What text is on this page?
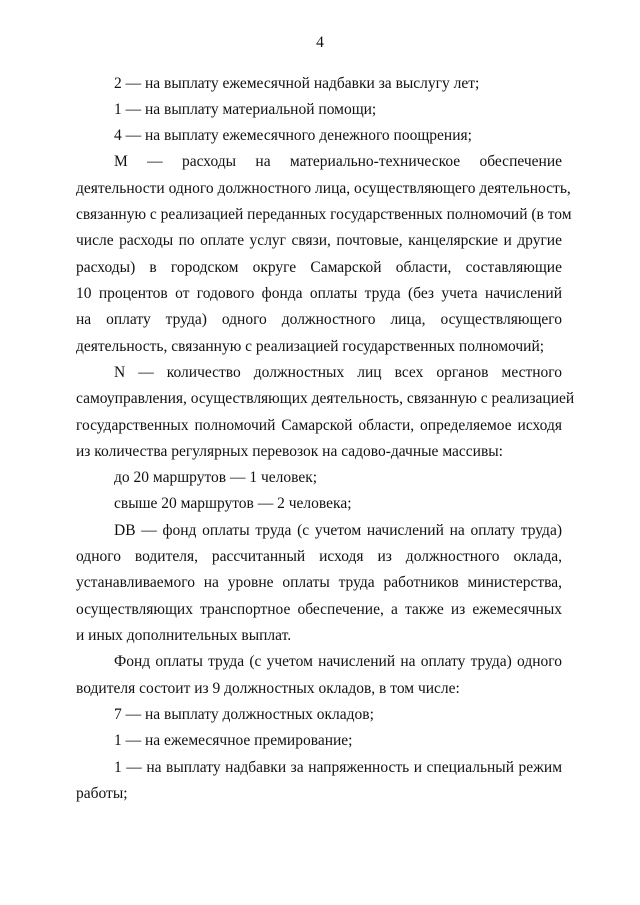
4
2 — на выплату ежемесячной надбавки за выслугу лет;
1 — на выплату материальной помощи;
4 — на выплату ежемесячного денежного поощрения;
М — расходы на материально-техническое обеспечение
деятельности одного должностного лица, осуществляющего деятельность,
связанную с реализацией переданных государственных полномочий (в том
числе расходы по оплате услуг связи, почтовые, канцелярские и другие
расходы) в городском округе Самарской области, составляющие
10 процентов от годового фонда оплаты труда (без учета начислений
на оплату труда) одного должностного лица, осуществляющего
деятельность, связанную с реализацией государственных полномочий;
N — количество должностных лиц всех органов местного
самоуправления, осуществляющих деятельность, связанную с реализацией
государственных полномочий Самарской области, определяемое исходя
из количества регулярных перевозок на садово-дачные массивы:
до 20 маршрутов — 1 человек;
свыше 20 маршрутов — 2 человека;
DB — фонд оплаты труда (с учетом начислений на оплату труда)
одного водителя, рассчитанный исходя из должностного оклада,
устанавливаемого на уровне оплаты труда работников министерства,
осуществляющих транспортное обеспечение, а также из ежемесячных
и иных дополнительных выплат.
Фонд оплаты труда (с учетом начислений на оплату труда) одного
водителя состоит из 9 должностных окладов, в том числе:
7 — на выплату должностных окладов;
1 — на ежемесячное премирование;
1 — на выплату надбавки за напряженность и специальный режим
работы;
